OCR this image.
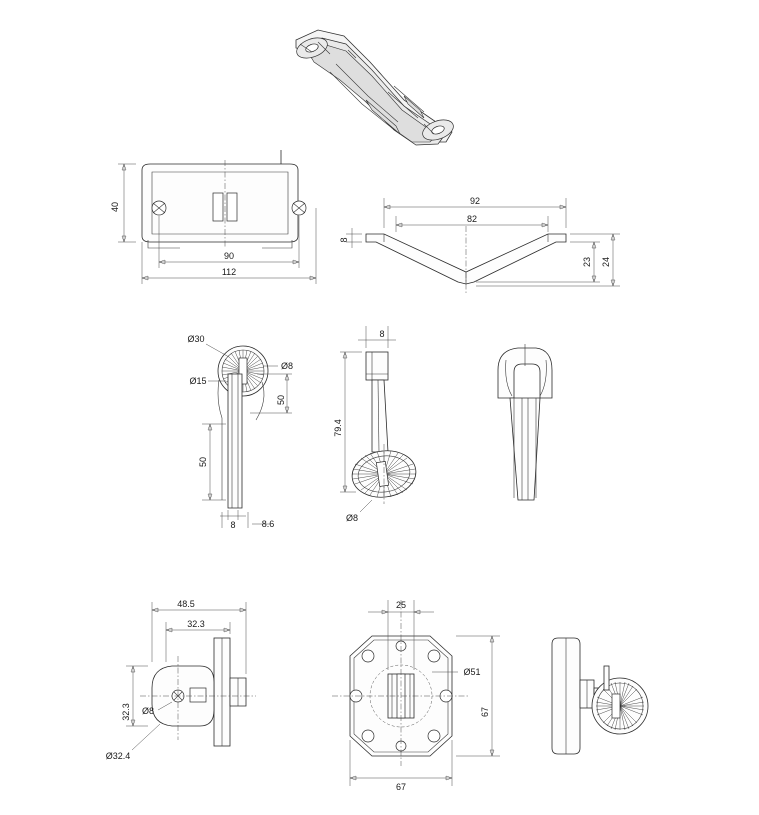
40
90
112
92
82
8
23 24
Ø30
Ø15
Ø8
50
50
8	8.6
8
79.4
Ø8
48.5
32.3
32.3 Ø8
Ø32.4
25
Ø51
67
67
